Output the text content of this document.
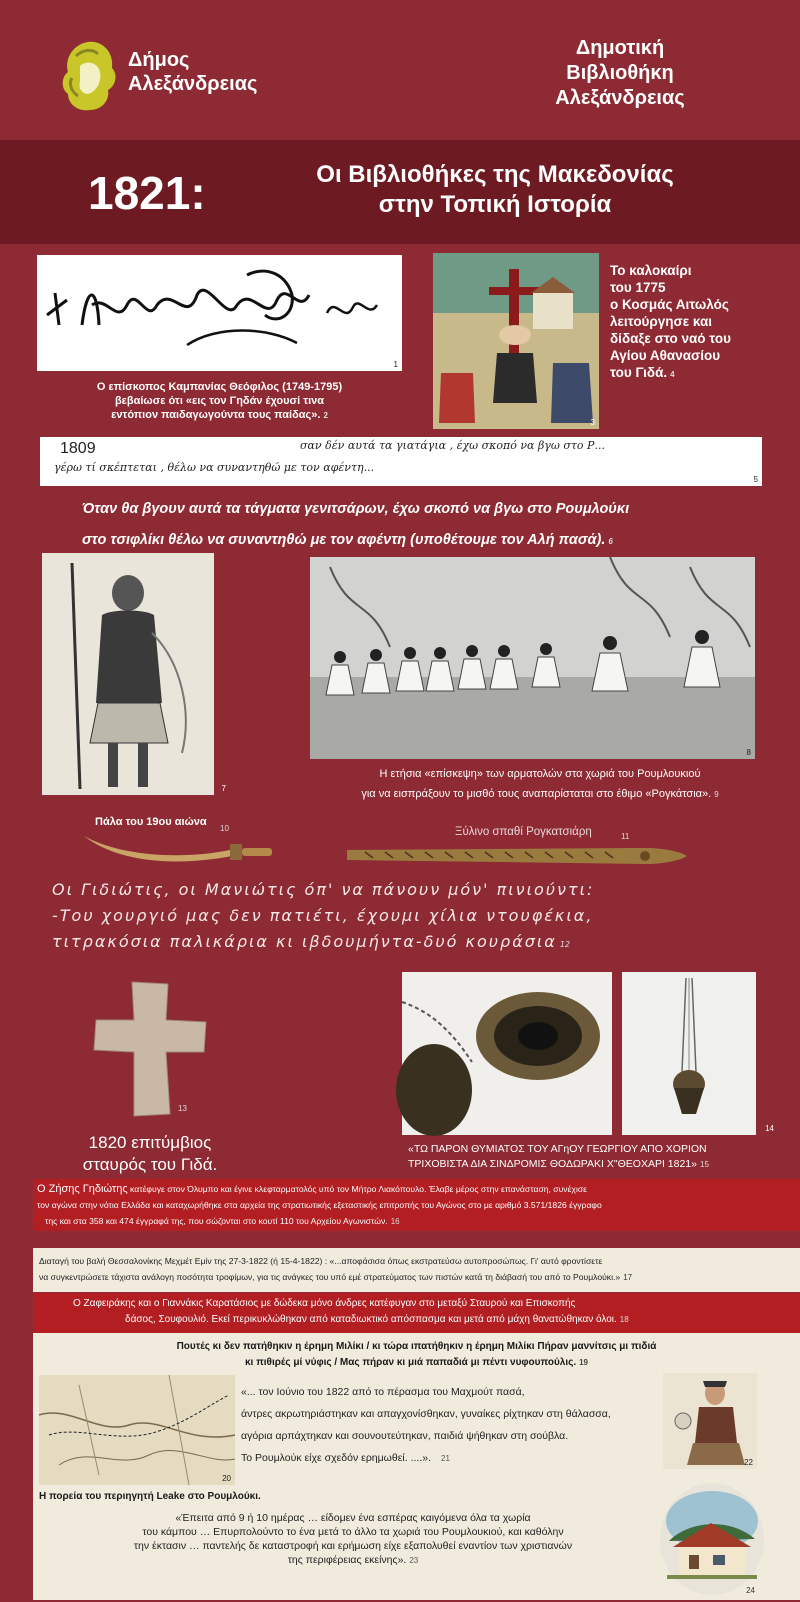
Δήμος
Αλεξάνδρειας
Δημοτική
Βιβλιοθήκη
Αλεξάνδρειας
1821:	Οι Βιβλιοθήκες της Μακεδονίας
στην Τοπική Ιστορία
1
Ο επίσκοπος Καμπανίας Θεόφιλος (1749-1795)
βεβαίωσε ότι «εις τον Γηδάν έχουσί τινα
εντόπιον παιδαγωγούντα τους παίδας». 2
3
Το καλοκαίρι
του 1775
ο Κοσμάς Αιτωλός
λειτούργησε και
δίδαξε στο ναό του
Αγίου Αθανασίου
του Γιδά. 4
1809	σαν δέν αυτά τα γιατάγια , έχω σκοπό να βγω στο Ρ...
γέρω τί σκέπτεται , θέλω να συναντηθώ με τον αφέντη...
5
Όταν θα βγουν αυτά τα τάγματα γενιτσάρων, έχω σκοπό να βγω στο Ρουμλούκι
στο τσιφλίκι θέλω να συναντηθώ με τον αφέντη (υποθέτουμε τον Αλή πασά). 6
7
8
Η ετήσια «επίσκεψη» των αρματολών στα χωριά του Ρουμλουκιού
για να εισπράξουν το μισθό τους αναπαρίσταται στο έθιμο «Ρογκάτσια». 9
Πάλα του 19ου αιώνα
10	Ξύλινο σπαθί Ρογκατσιάρη	11
Οι Γιδιώτις, οι Μανιώτις όπ' να πάνουν μόν' πινιούντι:
-Του χουργιό μας δεν πατιέτι, έχουμι χίλια ντουφέκια,
τιτρακόσια παλικάρια κι ιβδουμήντα-δυό κουράσια 12
13
1820 επιτύμβιος
σταυρός του Γιδά.
14
«ΤΩ ΠΑΡΟΝ ΘΥΜΙΑΤΟΣ ΤΟΥ ΑΓηΟΥ ΓΕΩΡΓΙΟΥ ΑΠΟ ΧΟΡΙΟΝ
ΤΡΙΧΟΒΙΣΤΑ ΔΙΑ ΣΙΝΔΡΟΜΙΣ ΘΟΔΩΡΑΚΙ Χ"ΘΕΟΧΑΡΙ 1821» 15
Ο Ζήσης Γηδιώτης κατέφυγε στον Όλυμπο και έγινε κλεφταρματολός υπό τον Μήτρο Λιακόπουλο. Έλαβε μέρος στην επανάσταση, συνέχισε
τον αγώνα στην νότια Ελλάδα και καταχωρήθηκε στα αρχεία της στρατιωτικής εξεταστικής επιτροπής του Αγώνος στο με αριθμό 3.571/1826 έγγραφο
της και στα 358 και 474 έγγραφά της, που σώζονται στο κουτί 110 του Αρχείου Αγωνιστών. 16
Διαταγή του βαλή Θεσσαλονίκης Μεχμέτ Εμίν της 27-3-1822 (ή 15-4-1822) : «...αποφάσισα όπως εκστρατεύσω αυτοπροσώπως. Γι' αυτό φροντίσετε
να συγκεντρώσετε τάχιστα ανάλογη ποσότητα τροφίμων, για τις ανάγκες του υπό εμέ στρατεύματος των πιστών κατά τη διάβασή του από το Ρουμλούκι.» 17
Ο Ζαφειράκης και ο Γιαννάκις Καρατάσιος με δώδεκα μόνο άνδρες κατέφυγαν στο μεταξύ Σταυρού και Επισκοπής
δάσος, Σουφουλιό. Εκεί περικυκλώθηκαν από καταδιωκτικό απόσπασμα και μετά από μάχη θανατώθηκαν όλοι. 18
Πουτές κι δεν πατήθηκιν η έρημη Μιλίκι / κι τώρα ιπατήθηκιν η έρημη Μιλίκι Πήραν μαννίτσις μι πιδιά
κι πιθιρές μί νύφις / Μας πήραν κι μιά παπαδιά μι πέντι νυφουπούλις. 19
20
«... τον Ιούνιο του 1822 από το πέρασμα του Μαχμούτ πασά,
άντρες ακρωτηριάστηκαν και απαγχονίσθηκαν, γυναίκες ρίχτηκαν στη θάλασσα,
αγόρια αρπάχτηκαν και σουνουτεύτηκαν, παιδιά ψήθηκαν στη σούβλα.
Το Ρουμλούκ είχε σχεδόν ερημωθεί. ....». 21	22
Η πορεία του περιηγητή Leake στο Ρουμλούκι.
«Έπειτα από 9 ή 10 ημέρας … είδομεν ένα εσπέρας καιγόμενα όλα τα χωρία
του κάμπου … Επυρπολούντο το ένα μετά το άλλο τα χωριά του Ρουμλουκιού, και καθόλην
την έκτασιν … παντελής δε καταστροφή και ερήμωση είχε εξαπολυθεί εναντίον των χριστιανών
της περιφέρειας εκείνης». 23
24
